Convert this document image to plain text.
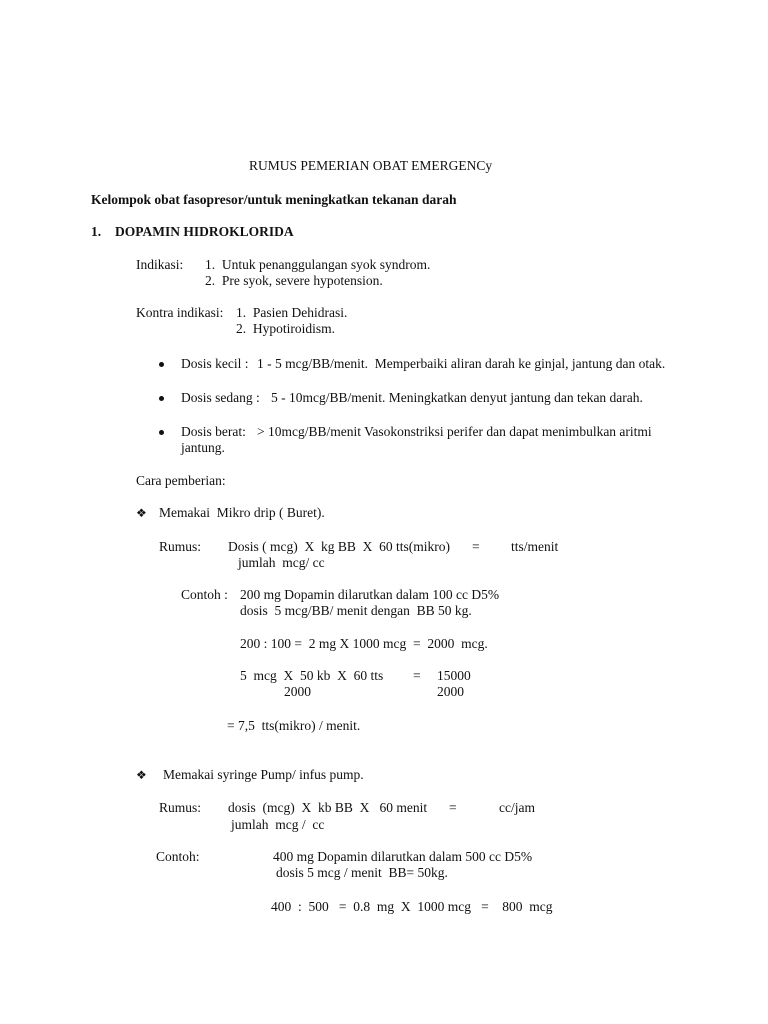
RUMUS PEMERIAN OBAT EMERGENCy
Kelompok obat fasopresor/untuk meningkatkan tekanan darah
1. DOPAMIN HIDROKLORIDA
Indikasi: 1.  Untuk penanggulangan syok syndrom.
2.  Pre syok, severe hypotension.
Kontra indikasi: 1.  Pasien Dehidrasi.
2.  Hypotiroidism.
Dosis kecil : 1 - 5 mcg/BB/menit.  Memperbaiki aliran darah ke ginjal, jantung dan otak.
Dosis sedang : 5 - 10mcg/BB/menit. Meningkatkan denyut jantung dan tekan darah.
Dosis berat: > 10mcg/BB/menit Vasokonstriksi perifer dan dapat menimbulkan aritmi
jantung.
Cara pemberian:
❖ Memakai  Mikro drip ( Buret).
Rumus: Dosis ( mcg)  X  kg BB  X  60 tts(mikro) = tts/menit
jumlah  mcg/ cc
Contoh : 200 mg Dopamin dilarutkan dalam 100 cc D5%
dosis  5 mcg/BB/ menit dengan  BB 50 kg.
200 : 100 =  2 mg X 1000 mcg  =  2000  mcg.
5  mcg  X  50 kb  X  60 tts = 15000
2000	2000
= 7,5  tts(mikro) / menit.
❖ Memakai syringe Pump/ infus pump.
Rumus: dosis  (mcg)  X  kb BB  X   60 menit =	cc/jam
jumlah  mcg /  cc
Contoh:	400 mg Dopamin dilarutkan dalam 500 cc D5%
dosis 5 mcg / menit  BB= 50kg.
400  :  500   =  0.8  mg  X  1000 mcg   =    800  mcg
